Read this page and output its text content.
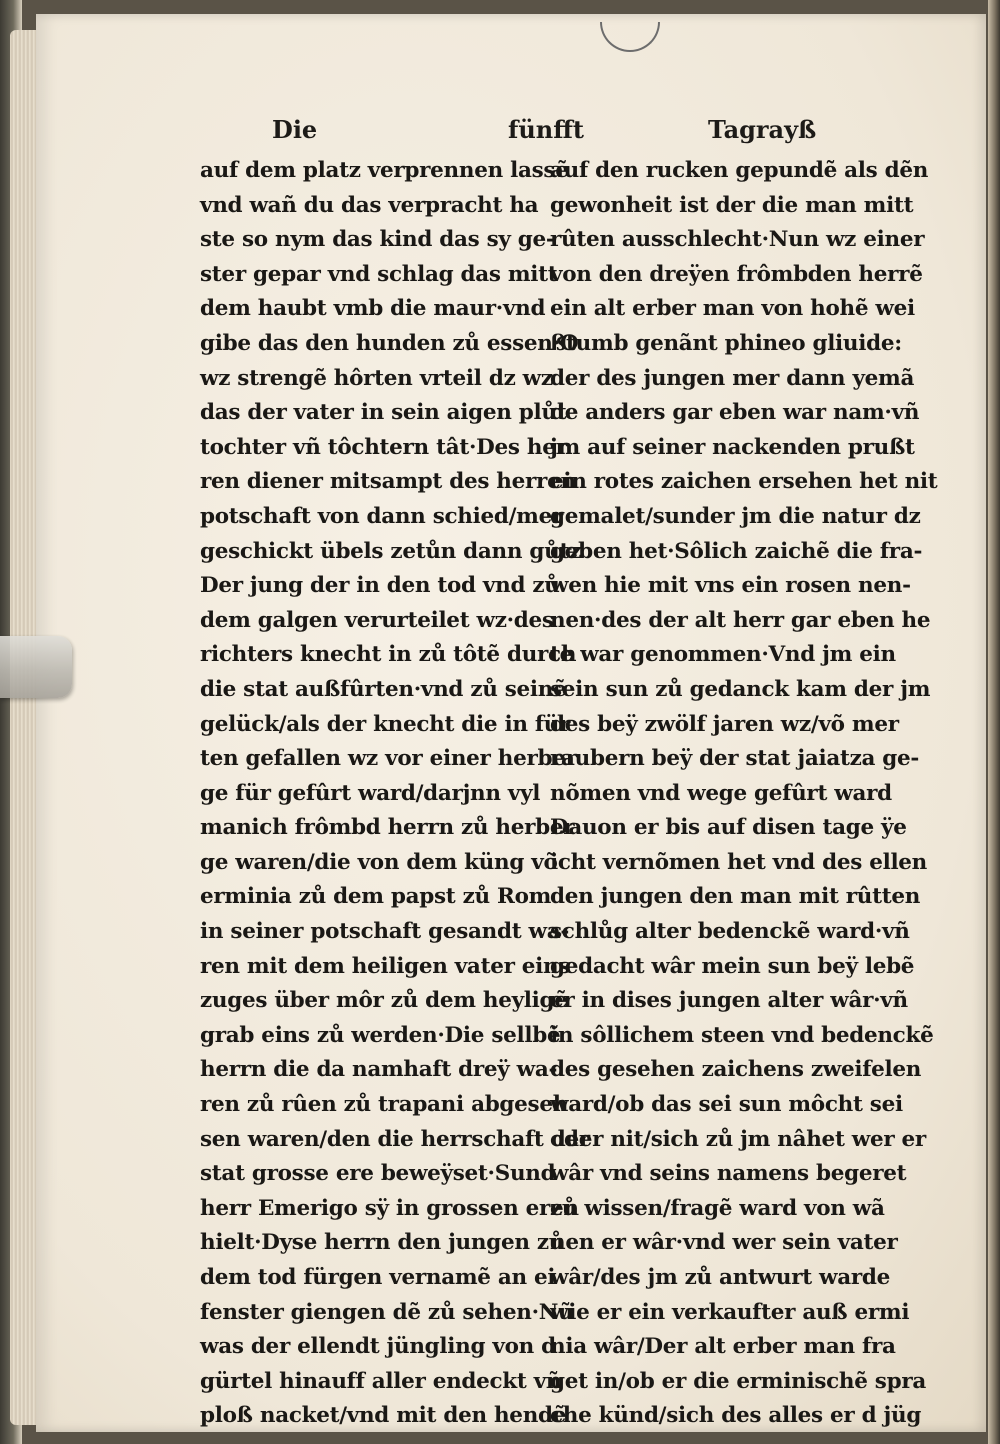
Die	fünfft	Tagrayß
auf dem platz verprennen lassẽ
vnd wañ du das verpracht ha
ste so nym das kind das sy ge-
ster gepar vnd schlag das mitt
dem haubt vmb die maur·vnd
gibe das den hunden zů essen·O
wz strengẽ hôrten vrteil dz wz
das der vater in sein aigen plůt
tochter vñ tôchtern tât·Des her
ren diener mitsampt des herren
potschaft von dann schied/mer
geschickt übels zetůn dann gůtz
Der jung der in den tod vnd zů
dem galgen verurteilet wz·des
richters knecht in zů tôtẽ durch
die stat außfûrten·vnd zů seinẽ
gelück/als der knecht die in für
ten gefallen wz vor einer herber
ge für gefûrt ward/darjnn vyl
manich frômbd herrn zů herber
ge waren/die von dem küng võ
erminia zů dem papst zů Rom
in seiner potschaft gesandt wa-
ren mit dem heiligen vater eins
zuges über môr zů dem heyligẽ
grab eins zů werden·Die sellbẽ
herrn die da namhaft dreÿ wa-
ren zů rûen zů trapani abgeseh
sen waren/den die herrschaft der
stat grosse ere beweÿset·Sund
herr Emerigo sÿ in grossen eren
hielt·Dyse herrn den jungen zů
dem tod fürgen vernamẽ an ei
fenster giengen dẽ zů sehen·Nũ
was der ellendt jüngling von d
gürtel hinauff aller endeckt vñ
ploß nacket/vnd mit den hendẽ
auf den rucken gepundẽ als dẽn
gewonheit ist der die man mitt
rûten ausschlecht·Nun wz einer
von den dreÿen frômbden herrẽ
ein alt erber man von hohẽ wei
ßtumb genãnt phineo gliuide:
der des jungen mer dann yemã
de anders gar eben war nam·vñ
jm auf seiner nackenden prußt
ein rotes zaichen ersehen het nit
gemalet/sunder jm die natur dz
geben het·Sôlich zaichẽ die fra-
wen hie mit vns ein rosen nen-
nen·des der alt herr gar eben he
te war genommen·Vnd jm ein
sein sun zů gedanck kam der jm
des beÿ zwölf jaren wz/võ mer
raubern beÿ der stat jaiatza ge-
nõmen vnd wege gefûrt ward
Dauon er bis auf disen tage ÿe
icht vernõmen het vnd des ellen
den jungen den man mit rûtten
schlůg alter bedenckẽ ward·vñ
gedacht wâr mein sun beÿ lebẽ
er in dises jungen alter wâr·vñ
in sôllichem steen vnd bedenckẽ
des gesehen zaichens zweifelen
ward/ob das sei sun môcht sei
oder nit/sich zů jm nâhet wer er
wâr vnd seins namens begeret
zů wissen/fragẽ ward von wã
nen er wâr·vnd wer sein vater
wâr/des jm zů antwurt warde
wie er ein verkaufter auß ermi
nia wâr/Der alt erber man fra
get in/ob er die erminischẽ spra
che künd/sich des alles er d jüg
